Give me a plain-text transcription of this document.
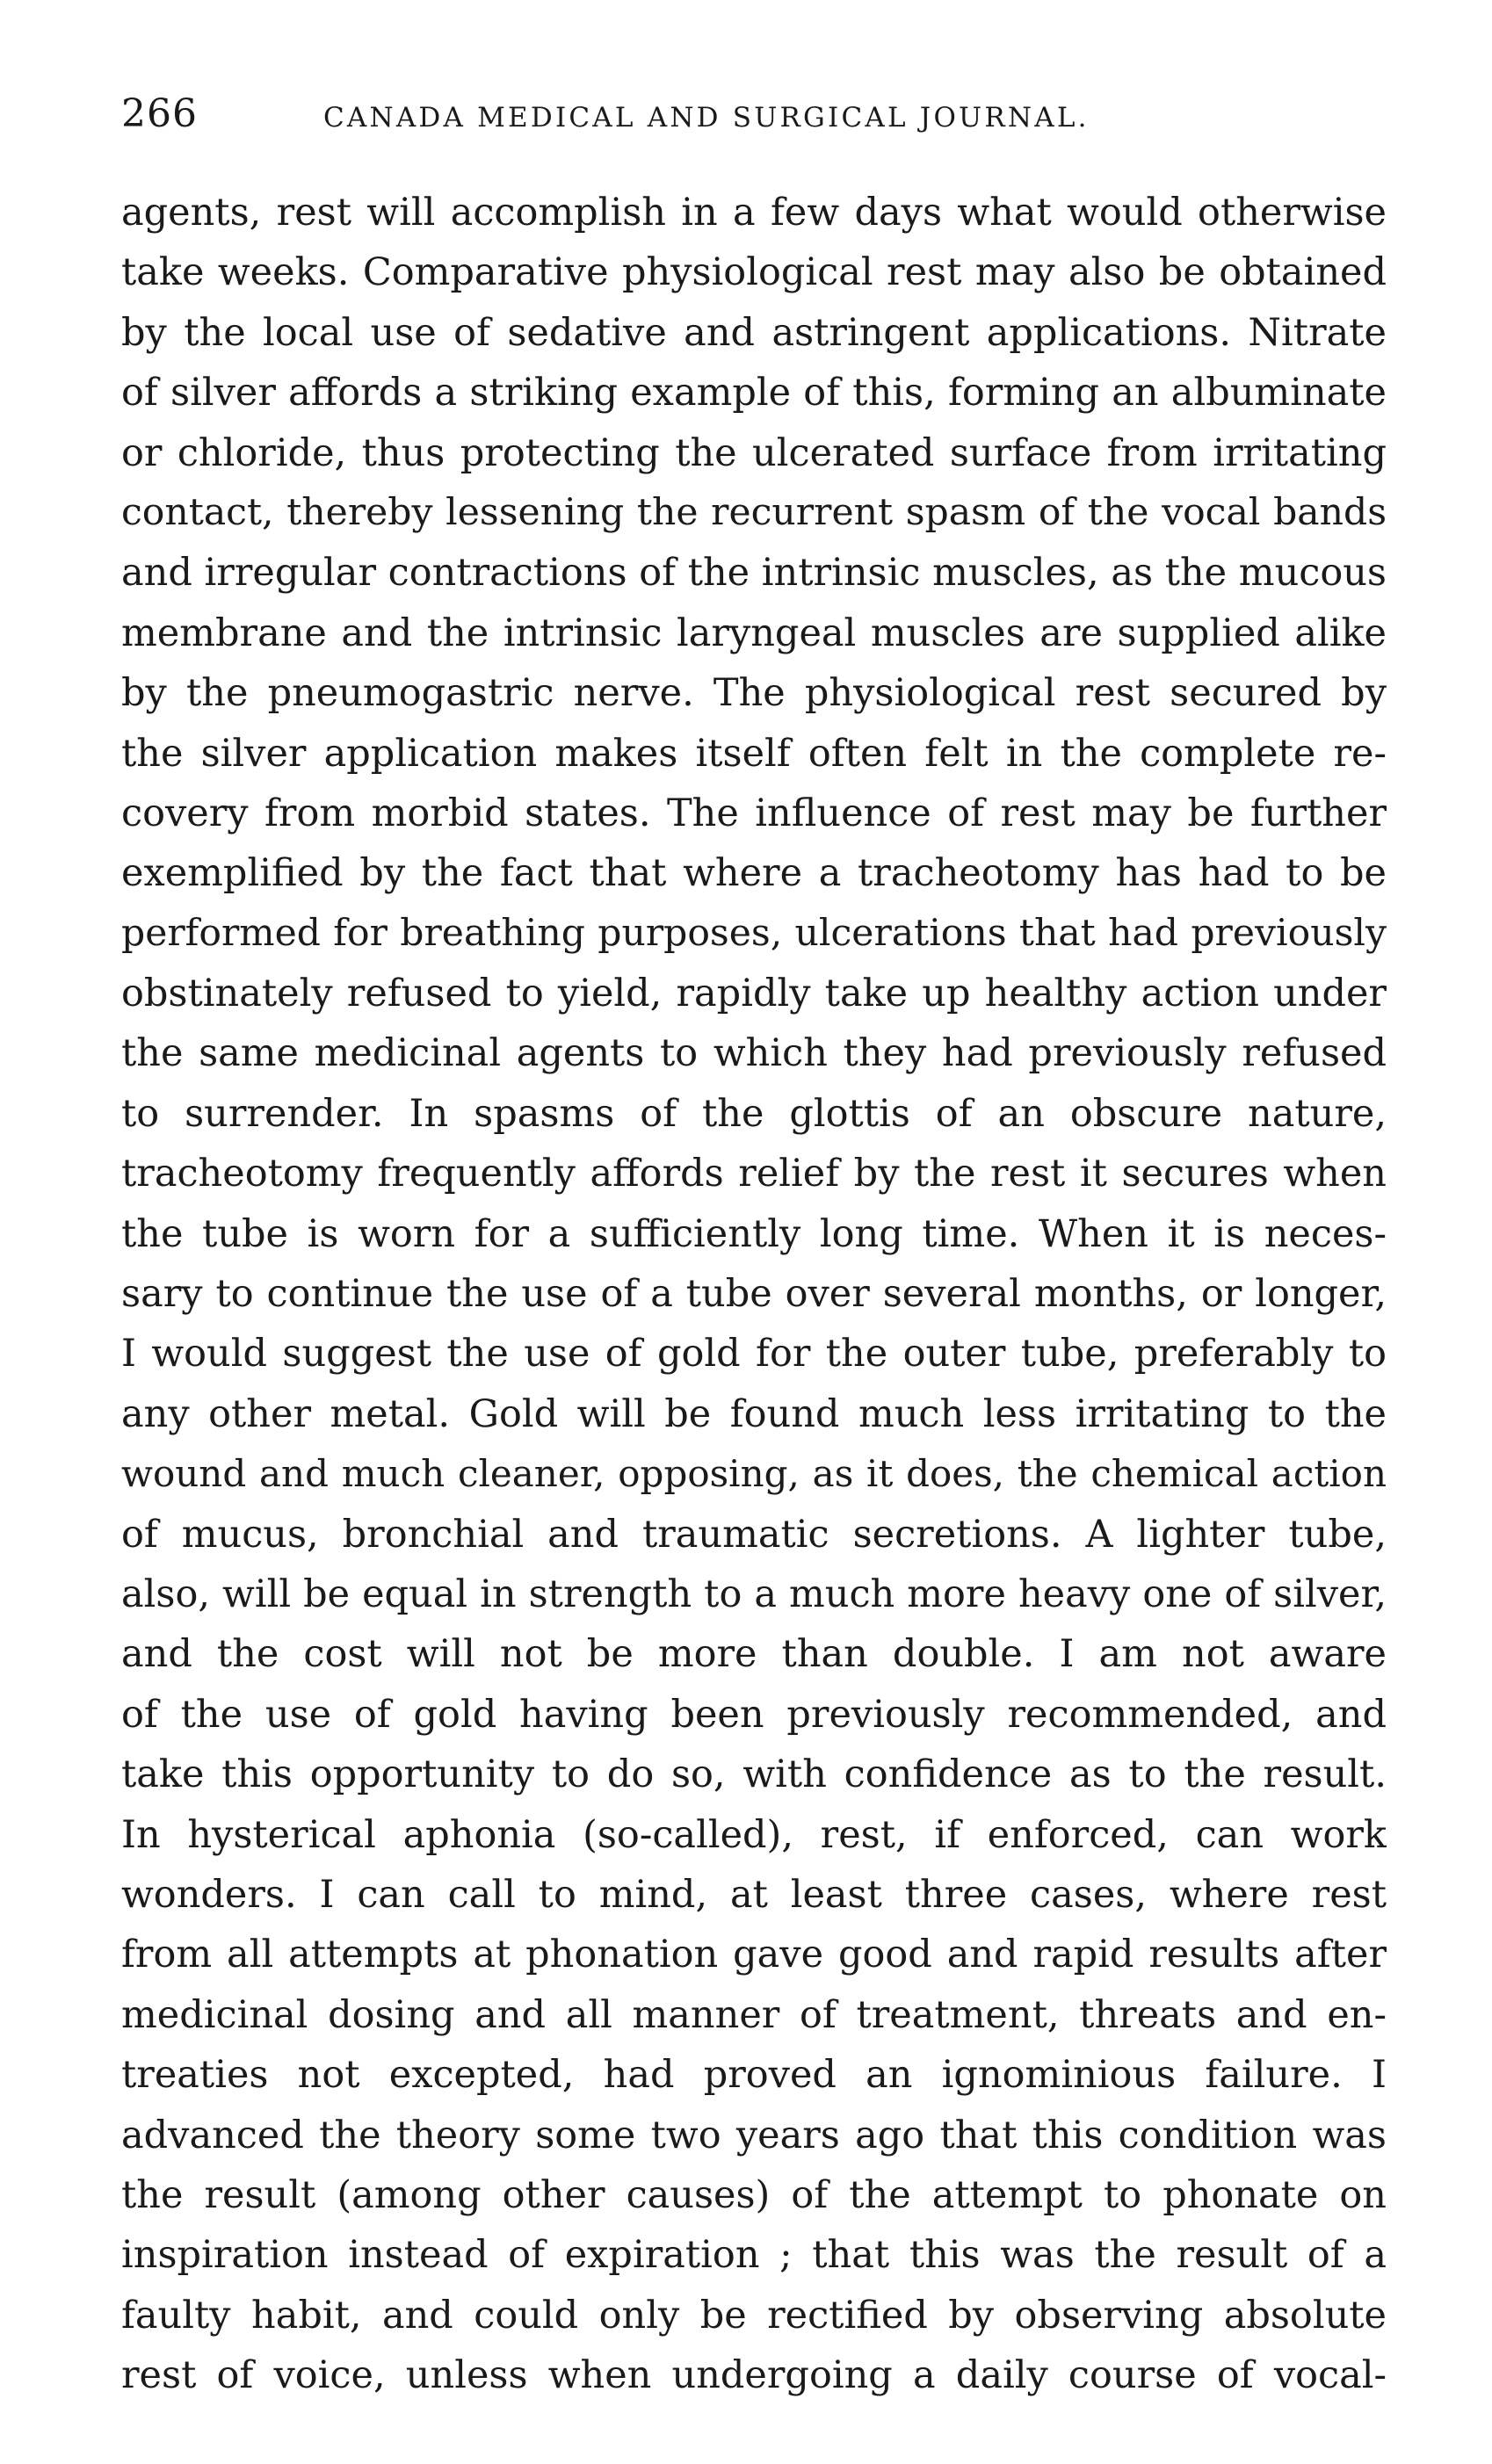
266	CANADA MEDICAL AND SURGICAL JOURNAL.
agents, rest will accomplish in a few days what would otherwise
take weeks. Comparative physiological rest may also be obtained
by the local use of sedative and astringent applications. Nitrate
of silver affords a striking example of this, forming an albuminate
or chloride, thus protecting the ulcerated surface from irritating
contact, thereby lessening the recurrent spasm of the vocal bands
and irregular contractions of the intrinsic muscles, as the mucous
membrane and the intrinsic laryngeal muscles are supplied alike
by the pneumogastric nerve. The physiological rest secured by
the silver application makes itself often felt in the complete re-
covery from morbid states. The influence of rest may be further
exemplified by the fact that where a tracheotomy has had to be
performed for breathing purposes, ulcerations that had previously
obstinately refused to yield, rapidly take up healthy action under
the same medicinal agents to which they had previously refused
to surrender. In spasms of the glottis of an obscure nature,
tracheotomy frequently affords relief by the rest it secures when
the tube is worn for a sufficiently long time. When it is neces-
sary to continue the use of a tube over several months, or longer,
I would suggest the use of gold for the outer tube, preferably to
any other metal. Gold will be found much less irritating to the
wound and much cleaner, opposing, as it does, the chemical action
of mucus, bronchial and traumatic secretions. A lighter tube,
also, will be equal in strength to a much more heavy one of silver,
and the cost will not be more than double. I am not aware
of the use of gold having been previously recommended, and
take this opportunity to do so, with confidence as to the result.
In hysterical aphonia (so-called), rest, if enforced, can work
wonders. I can call to mind, at least three cases, where rest
from all attempts at phonation gave good and rapid results after
medicinal dosing and all manner of treatment, threats and en-
treaties not excepted, had proved an ignominious failure. I
advanced the theory some two years ago that this condition was
the result (among other causes) of the attempt to phonate on
inspiration instead of expiration ; that this was the result of a
faulty habit, and could only be rectified by observing absolute
rest of voice, unless when undergoing a daily course of vocal-
